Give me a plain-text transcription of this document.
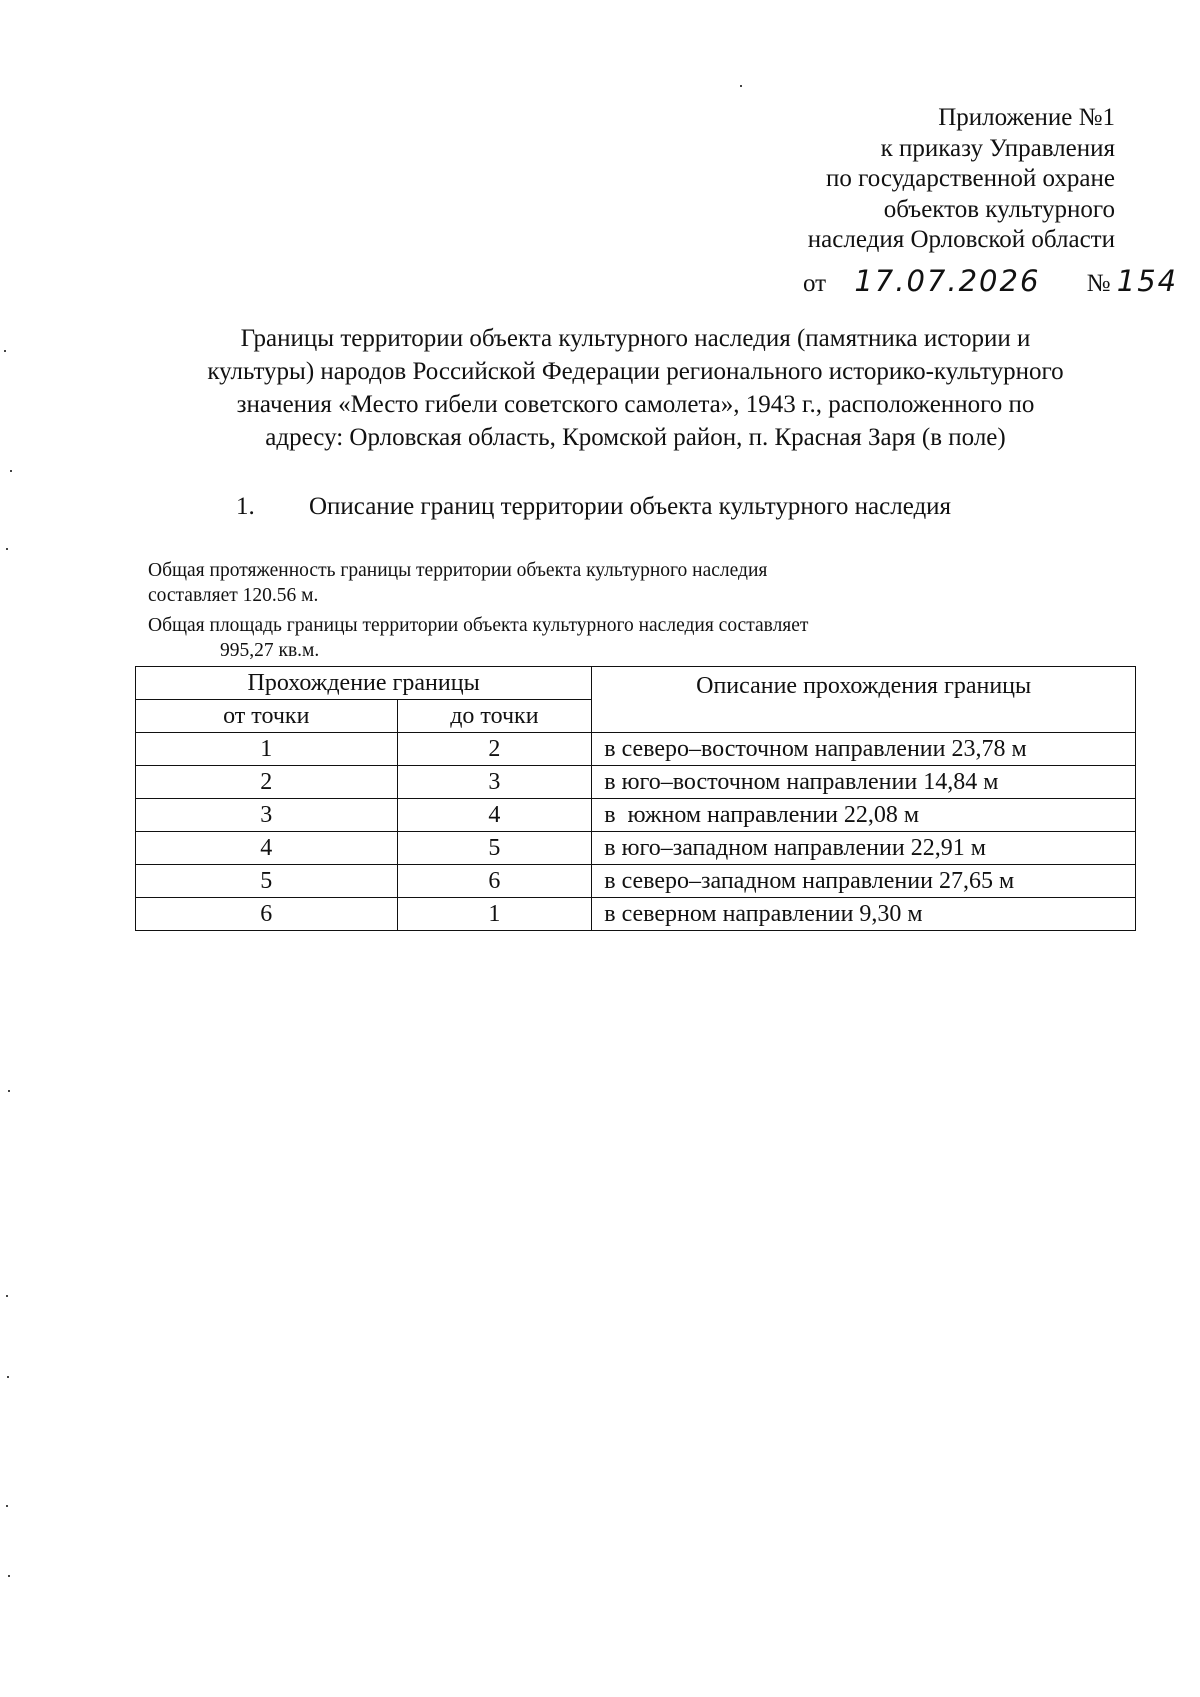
Приложение №1
к приказу Управления
по государственной охране
объектов культурного
наследия Орловской области
от 17.07.2026 № 154
Границы территории объекта культурного наследия (памятника истории и
культуры) народов Российской Федерации регионального историко-культурного
значения «Место гибели советского самолета», 1943 г., расположенного по
адресу: Орловская область, Кромской район, п. Красная Заря (в поле)
1. Описание границ территории объекта культурного наследия
Общая протяженность границы территории объекта культурного наследия
составляет 120.56 м.
Общая площадь границы территории объекта культурного наследия составляет
995,27 кв.м.
Прохождение границы		Описание прохождения границы
от точки	до точки	
1	2	в северо–восточном направлении 23,78 м
2	3	в юго–восточном направлении 14,84 м
3	4	в  южном направлении 22,08 м
4	5	в юго–западном направлении 22,91 м
5	6	в северо–западном направлении 27,65 м
6	1	в северном направлении 9,30 м
